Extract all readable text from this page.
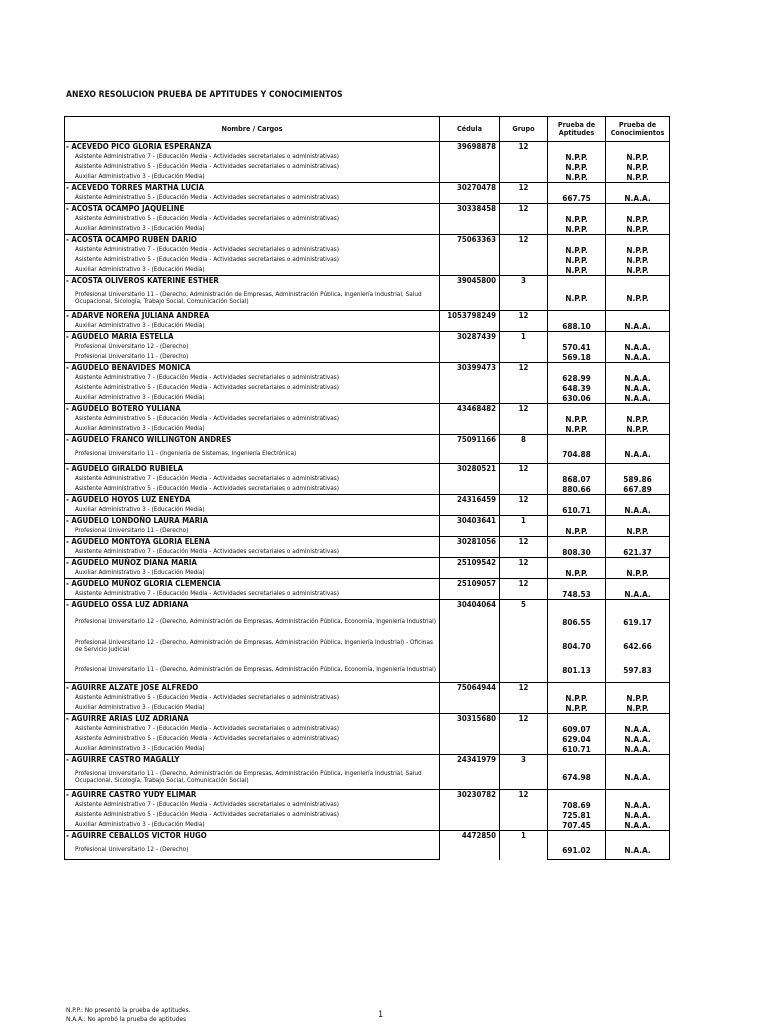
ANEXO RESOLUCION PRUEBA DE APTITUDES Y CONOCIMIENTOS
Nombre / Cargos	Cédula	Grupo	Prueba de Aptitudes	Prueba de Conocimientos
- ACEVEDO PICO GLORIA ESPERANZA	39698878	12		
Asistente Administrativo 7 - (Educación Media - Actividades secretariales o administrativas)			N.P.P.	N.P.P.
Asistente Administrativo 5 - (Educación Media - Actividades secretariales o administrativas)			N.P.P.	N.P.P.
Auxiliar Administrativo 3 - (Educación Media)			N.P.P.	N.P.P.
- ACEVEDO TORRES MARTHA LUCIA	30270478	12		
Asistente Administrativo 5 - (Educación Media - Actividades secretariales o administrativas)			667.75	N.A.A.
- ACOSTA OCAMPO JAQUELINE	30338458	12		
Asistente Administrativo 5 - (Educación Media - Actividades secretariales o administrativas)			N.P.P.	N.P.P.
Auxiliar Administrativo 3 - (Educación Media)			N.P.P.	N.P.P.
- ACOSTA OCAMPO RUBEN DARIO	75063363	12		
Asistente Administrativo 7 - (Educación Media - Actividades secretariales o administrativas)			N.P.P.	N.P.P.
Asistente Administrativo 5 - (Educación Media - Actividades secretariales o administrativas)			N.P.P.	N.P.P.
Auxiliar Administrativo 3 - (Educación Media)			N.P.P.	N.P.P.
- ACOSTA OLIVEROS KATERINE ESTHER	39045800	3		
Profesional Universitario 11 - (Derecho, Administración de Empresas, Administración Pública, Ingeniería Industrial, Salud Ocupacional, Sicología, Trabajo Social, Comunicación Social)			N.P.P.	N.P.P.
- ADARVE NOREÑA JULIANA ANDREA	1053798249	12		
Auxiliar Administrativo 3 - (Educación Media)			688.10	N.A.A.
- AGUDELO MARIA ESTELLA	30287439	1		
Profesional Universitario 12 - (Derecho)			570.41	N.A.A.
Profesional Universitario 11 - (Derecho)			569.18	N.A.A.
- AGUDELO BENAVIDES MONICA	30399473	12		
Asistente Administrativo 7 - (Educación Media - Actividades secretariales o administrativas)			628.99	N.A.A.
Asistente Administrativo 5 - (Educación Media - Actividades secretariales o administrativas)			648.39	N.A.A.
Auxiliar Administrativo 3 - (Educación Media)			630.06	N.A.A.
- AGUDELO BOTERO YULIANA	43468482	12		
Asistente Administrativo 5 - (Educación Media - Actividades secretariales o administrativas)			N.P.P.	N.P.P.
Auxiliar Administrativo 3 - (Educación Media)			N.P.P.	N.P.P.
- AGUDELO FRANCO WILLINGTON ANDRES	75091166	8		
Profesional Universitario 11 - (Ingeniería de Sistemas, Ingeniería Electrónica)			704.88	N.A.A.
- AGUDELO GIRALDO RUBIELA	30280521	12		
Asistente Administrativo 7 - (Educación Media - Actividades secretariales o administrativas)			868.07	589.86
Asistente Administrativo 5 - (Educación Media - Actividades secretariales o administrativas)			880.66	667.89
- AGUDELO HOYOS LUZ ENEYDA	24316459	12		
Auxiliar Administrativo 3 - (Educación Media)			610.71	N.A.A.
- AGUDELO LONDOÑO LAURA MARIA	30403641	1		
Profesional Universitario 11 - (Derecho)			N.P.P.	N.P.P.
- AGUDELO MONTOYA GLORIA ELENA	30281056	12		
Asistente Administrativo 7 - (Educación Media - Actividades secretariales o administrativas)			808.30	621.37
- AGUDELO MUÑOZ DIANA MARIA	25109542	12		
Auxiliar Administrativo 3 - (Educación Media)			N.P.P.	N.P.P.
- AGUDELO MUÑOZ GLORIA CLEMENCIA	25109057	12		
Asistente Administrativo 7 - (Educación Media - Actividades secretariales o administrativas)			748.53	N.A.A.
- AGUDELO OSSA LUZ ADRIANA	30404064	5		
Profesional Universitario 12 - (Derecho, Administración de Empresas, Administración Pública, Economía, Ingeniería Industrial)			806.55	619.17
Profesional Universitario 12 - (Derecho, Administración de Empresas, Administración Pública, Ingeniería Industrial) - Oficinas de Servicio Judicial			804.70	642.66
Profesional Universitario 11 - (Derecho, Administración de Empresas, Administración Pública, Economía, Ingeniería Industrial)			801.13	597.83
- AGUIRRE ALZATE JOSE ALFREDO	75064944	12		
Asistente Administrativo 5 - (Educación Media - Actividades secretariales o administrativas)			N.P.P.	N.P.P.
Auxiliar Administrativo 3 - (Educación Media)			N.P.P.	N.P.P.
- AGUIRRE ARIAS LUZ ADRIANA	30315680	12		
Asistente Administrativo 7 - (Educación Media - Actividades secretariales o administrativas)			609.07	N.A.A.
Asistente Administrativo 5 - (Educación Media - Actividades secretariales o administrativas)			629.04	N.A.A.
Auxiliar Administrativo 3 - (Educación Media)			610.71	N.A.A.
- AGUIRRE CASTRO MAGALLY	24341979	3		
Profesional Universitario 11 - (Derecho, Administración de Empresas, Administración Pública, Ingeniería Industrial, Salud Ocupacional, Sicología, Trabajo Social, Comunicación Social)			674.98	N.A.A.
- AGUIRRE CASTRO YUDY ELIMAR	30230782	12		
Asistente Administrativo 7 - (Educación Media - Actividades secretariales o administrativas)			708.69	N.A.A.
Asistente Administrativo 5 - (Educación Media - Actividades secretariales o administrativas)			725.81	N.A.A.
Auxiliar Administrativo 3 - (Educación Media)			707.45	N.A.A.
- AGUIRRE CEBALLOS VICTOR HUGO	4472850	1		
Profesional Universitario 12 - (Derecho)			691.02	N.A.A.
N.P.P.: No presentó la prueba de aptitudes.
N.A.A.: No aprobó la prueba de aptitudes	1
